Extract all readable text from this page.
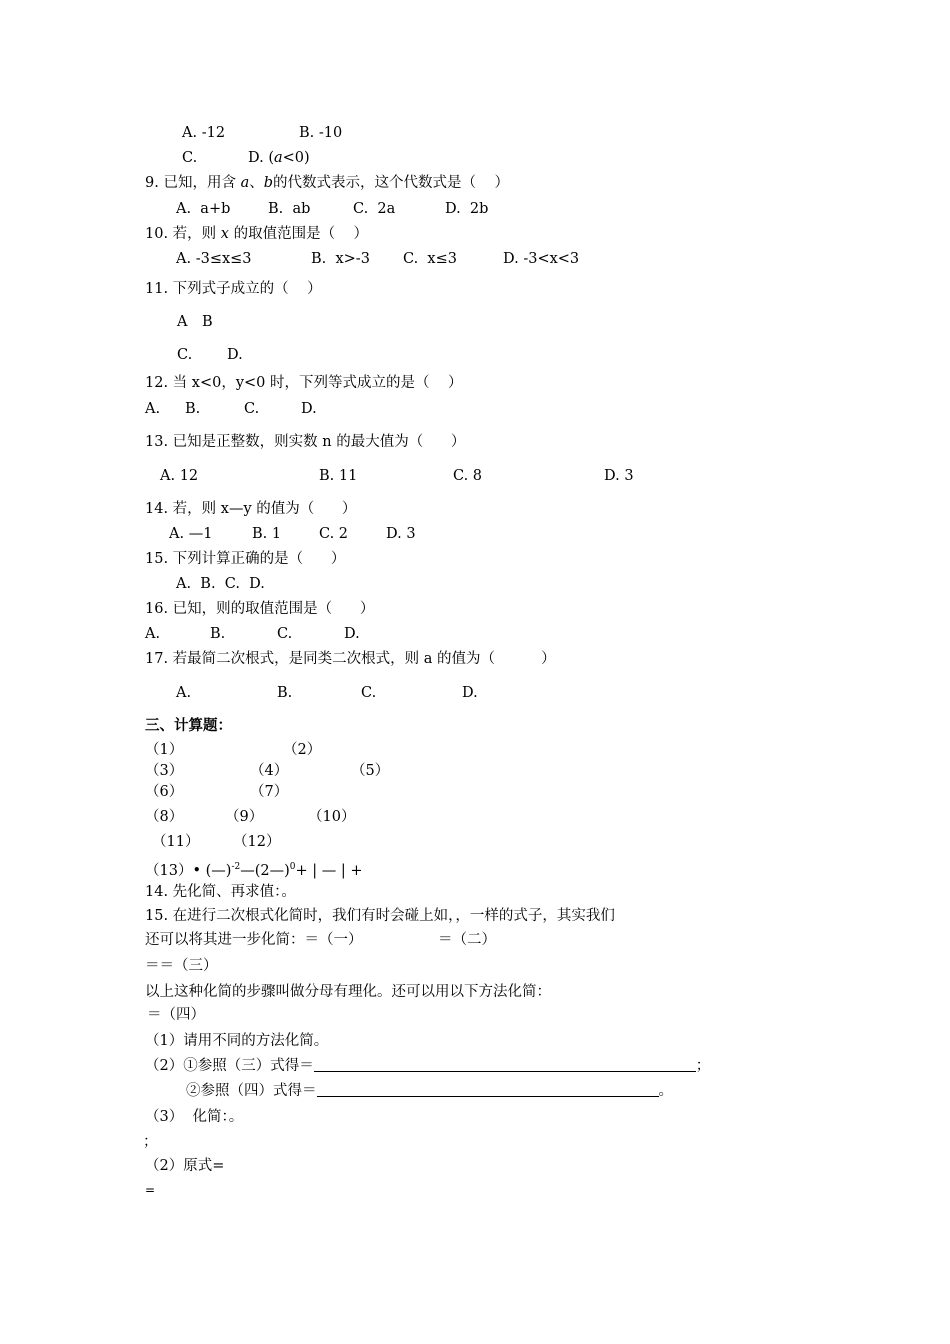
A. -12	B. -10
C.	D. (a<0)
9. 已知，用含 a、b的代数式表示，这个代数式是（    ）
A.  a+b	B.  ab	C.  2a	D.  2b
10. 若，则 x 的取值范围是（    ）
A. -3≤x≤3	B.  x>-3 C.  x≤3	D. -3<x<3
11. 下列式子成立的（    ）
A B
C. D.
12. 当 x<0，y<0 时，下列等式成立的是（    ）
A. B.	C.	D.
13. 已知是正整数，则实数 n 的最大值为（      ）
A. 12	B. 11	C. 8	D. 3
14. 若，则 x—y 的值为（      ）
A. —1	B. 1	C. 2	D. 3
15. 下列计算正确的是（      ）
A.  B.  C.  D.
16. 已知，则的取值范围是（      ）
A.	B.	C.	D.
17. 若最简二次根式，是同类二次根式，则 a 的值为（          ）
A.	B.	C.	D.
三、计算题：
（1）	（2）
（3）	（4）	（5）
（6）	（7）
（8）	（9）	（10）
（11） （12）
（13）• (—)$^{-2}$—(2—)$^0$+ | — | +
14. 先化简、再求值：。
15. 在进行二次根式化简时，我们有时会碰上如，，一样的式子，其实我们
还可以将其进一步化简：＝（一）	＝（二）
＝＝（三）
以上这种化简的步骤叫做分母有理化。还可以用以下方法化简：
＝（四）
（1）请用不同的方法化简。
（2）①参照（三）式得＝	；
②参照（四）式得＝	。
（3）  化简：。
；
（2）原式=
=
